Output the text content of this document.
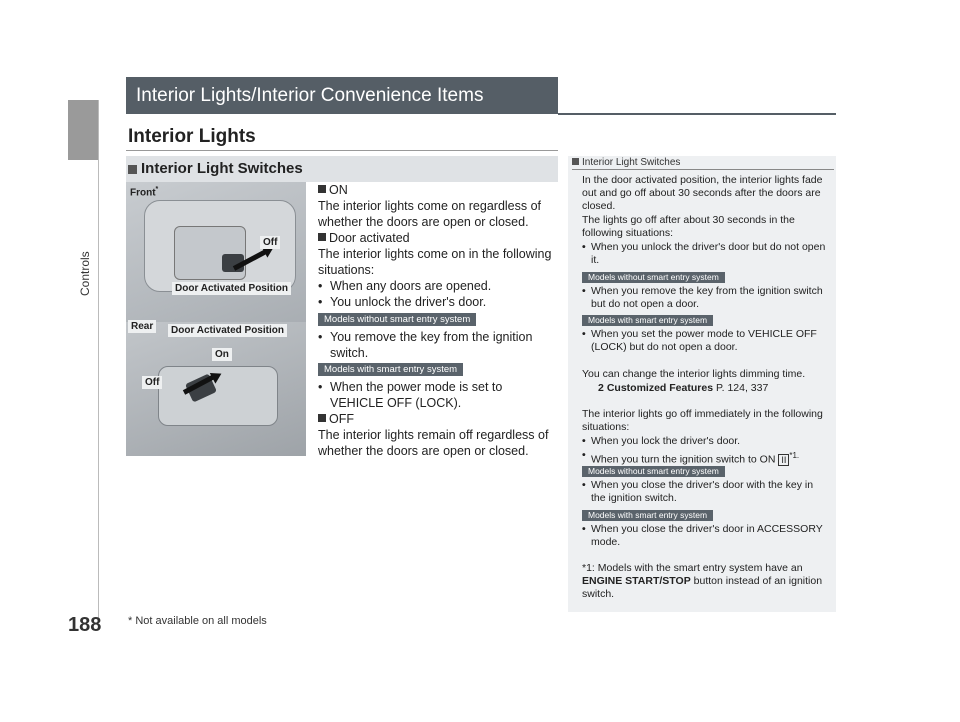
Controls
188 * Not available on all models
Interior Lights/Interior Convenience Items
Interior Lights
Interior Light Switches
Front*
Off
Door Activated Position
Rear	Door Activated Position
On
Off
ON
The interior lights come on regardless of
whether the doors are open or closed.
Door activated
The interior lights come on in the following
situations:
• When any doors are opened.
• You unlock the driver's door.
Models without smart entry system
• You remove the key from the ignition switch.
Models with smart entry system
• When the power mode is set to VEHICLE OFF (LOCK).
OFF
The interior lights remain off regardless of
whether the doors are open or closed.
Interior Light Switches
In the door activated position, the interior lights fade out and go off about 30 seconds after the doors are closed.
The lights go off after about 30 seconds in the following situations:
• When you unlock the driver's door but do not open it.
Models without smart entry system
• When you remove the key from the ignition switch but do not open a door.
Models with smart entry system
• When you set the power mode to VEHICLE OFF (LOCK) but do not open a door.
You can change the interior lights dimming time.
2 Customized Features P. 124, 337
The interior lights go off immediately in the following situations:
• When you lock the driver's door.
• When you turn the ignition switch to ON II $^{*1.}$
Models without smart entry system
• When you close the driver's door with the key in the ignition switch.
Models with smart entry system
• When you close the driver's door in ACCESSORY mode.
*1: Models with the smart entry system have an
ENGINE START/STOP button instead of an ignition switch.
